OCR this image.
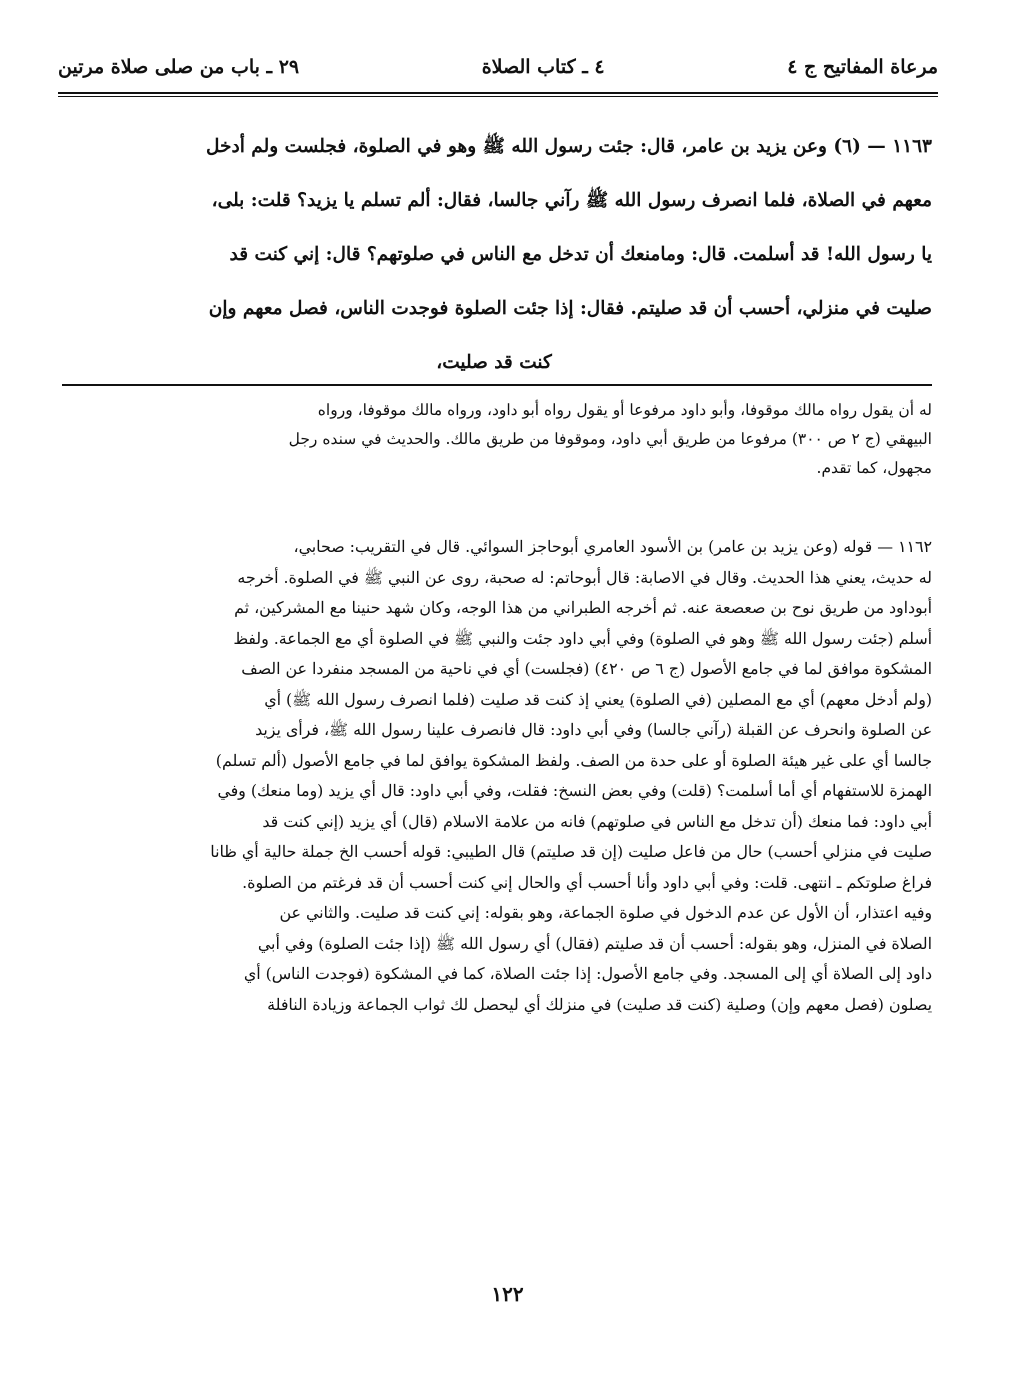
مرعاة المفاتيح ج ٤
٤ ـ كتاب الصلاة
٢٩ ـ باب من صلى صلاة مرتين

١١٦٣ — (٦) وعن يزيد بن عامر، قال: جئت رسول الله ﷺ وهو في الصلوة، فجلست ولم أدخل

معهم في الصلاة، فلما انصرف رسول الله ﷺ رآني جالسا، فقال: ألم تسلم يا يزيد؟ قلت: بلى،

يا رسول الله! قد أسلمت. قال: ومامنعك أن تدخل مع الناس في صلوتهم؟ قال: إني كنت قد

صليت في منزلي، أحسب أن قد صليتم. فقال: إذا جئت الصلوة فوجدت الناس، فصل معهم وإن

كنت قد صليت،

له أن يقول رواه مالك موقوفا، وأبو داود مرفوعا أو يقول رواه أبو داود، ورواه مالك موقوفا، ورواه

البيهقي (ج ٢ ص ٣٠٠) مرفوعا من طريق أبي داود، وموقوفا من طريق مالك. والحديث في سنده رجل

مجهول، كما تقدم.

١١٦٢ — قوله (وعن يزيد بن عامر) بن الأسود العامري أبوحاجز السوائي. قال في التقريب: صحابي،

له حديث، يعني هذا الحديث. وقال في الاصابة: قال أبوحاتم: له صحبة، روى عن النبي ﷺ في الصلوة. أخرجه

أبوداود من طريق نوح بن صعصعة عنه. ثم أخرجه الطبراني من هذا الوجه، وكان شهد حنينا مع المشركين، ثم

أسلم (جئت رسول الله ﷺ وهو في الصلوة) وفي أبي داود جئت والنبي ﷺ في الصلوة أي مع الجماعة. ولفظ

المشكوة موافق لما في جامع الأصول (ج ٦ ص ٤٢٠) (فجلست) أي في ناحية من المسجد منفردا عن الصف

(ولم أدخل معهم) أي مع المصلين (في الصلوة) يعني إذ كنت قد صليت (فلما انصرف رسول الله ﷺ) أي

عن الصلوة وانحرف عن القبلة (رآني جالسا) وفي أبي داود: قال فانصرف علينا رسول الله ﷺ، فرأى يزيد

جالسا أي على غير هيئة الصلوة أو على حدة من الصف. ولفظ المشكوة يوافق لما في جامع الأصول (ألم تسلم)

الهمزة للاستفهام أي أما أسلمت؟ (قلت) وفي بعض النسخ: فقلت، وفي أبي داود: قال أي يزيد (وما منعك) وفي

أبي داود: فما منعك (أن تدخل مع الناس في صلوتهم) فانه من علامة الاسلام (قال) أي يزيد (إني كنت قد

صليت في منزلي أحسب) حال من فاعل صليت (إن قد صليتم) قال الطيبي: قوله أحسب الخ جملة حالية أي ظانا

فراغ صلوتكم ـ انتهى. قلت: وفي أبي داود وأنا أحسب أي والحال إني كنت أحسب أن قد فرغتم من الصلوة.

وفيه اعتذار، أن الأول عن عدم الدخول في صلوة الجماعة، وهو بقوله: إني كنت قد صليت. والثاني عن

الصلاة في المنزل، وهو بقوله: أحسب أن قد صليتم (فقال) أي رسول الله ﷺ (إذا جئت الصلوة) وفي أبي

داود إلى الصلاة أي إلى المسجد. وفي جامع الأصول: إذا جئت الصلاة، كما في المشكوة (فوجدت الناس) أي

يصلون (فصل معهم وإن) وصلية (كنت قد صليت) في منزلك أي ليحصل لك ثواب الجماعة وزيادة النافلة

١٢٢
